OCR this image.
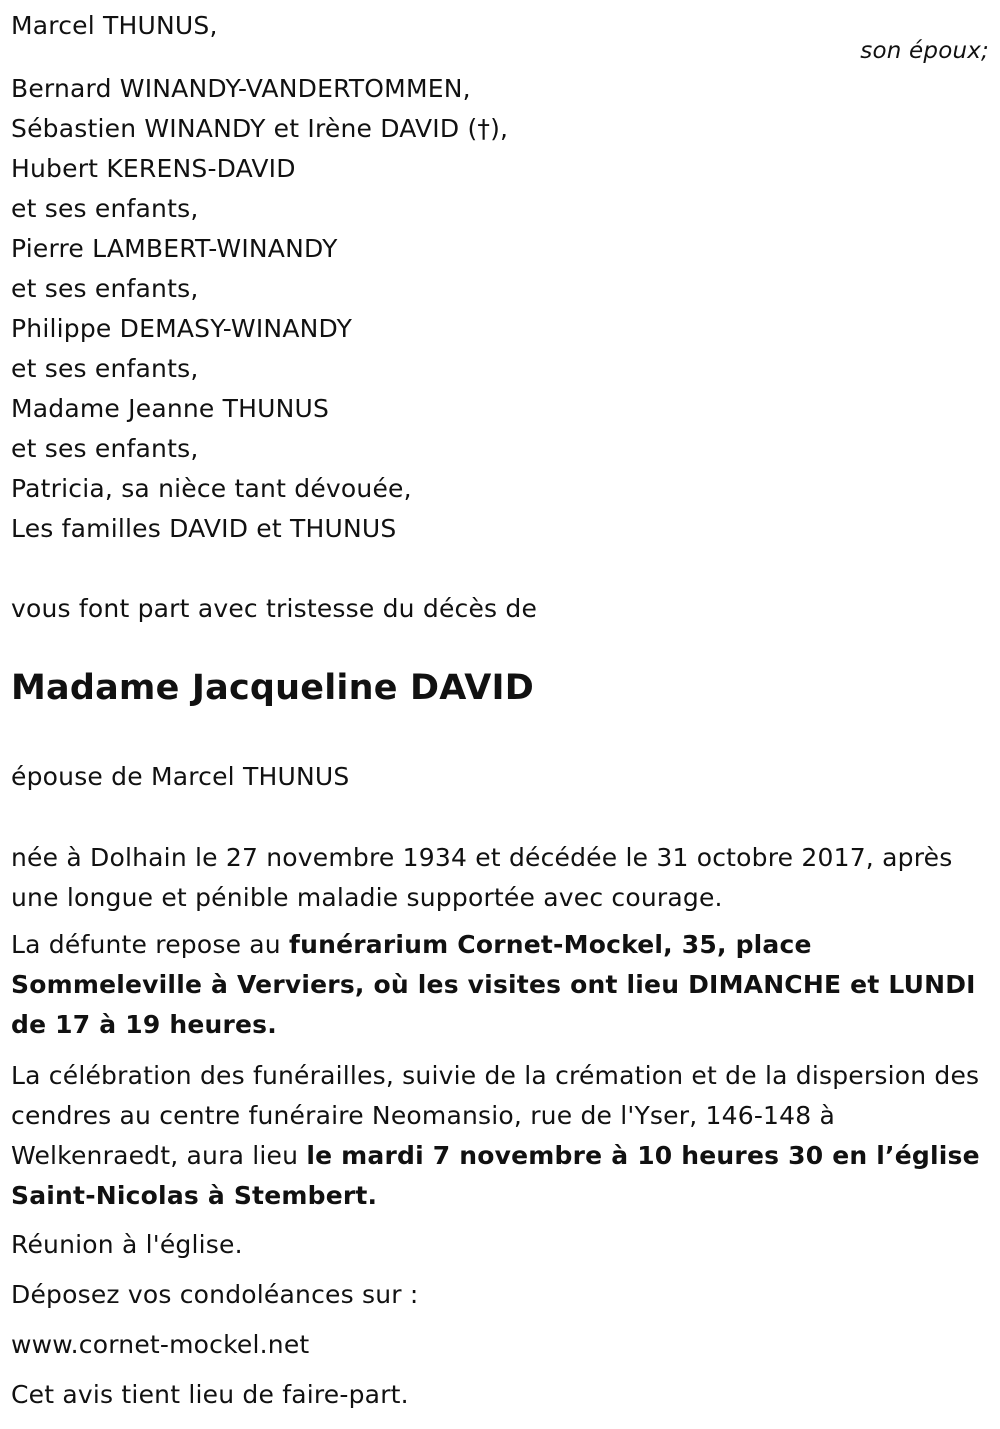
Marcel THUNUS,
son époux;
Bernard WINANDY-VANDERTOMMEN,
Sébastien WINANDY et Irène DAVID (†),
Hubert KERENS-DAVID
et ses enfants,
Pierre LAMBERT-WINANDY
et ses enfants,
Philippe DEMASY-WINANDY
et ses enfants,
Madame Jeanne THUNUS
et ses enfants,
Patricia, sa nièce tant dévouée,
Les familles DAVID et THUNUS
vous font part avec tristesse du décès de
Madame Jacqueline DAVID
épouse de Marcel THUNUS
née à Dolhain le 27 novembre 1934 et décédée le 31 octobre 2017, après une longue et pénible maladie supportée avec courage.
La défunte repose au funérarium Cornet-Mockel, 35, place Sommeleville à Verviers, où les visites ont lieu DIMANCHE et LUNDI de 17 à 19 heures.
La célébration des funérailles, suivie de la crémation et de la dispersion des cendres au centre funéraire Neomansio, rue de l'Yser, 146-148 à Welkenraedt, aura lieu le mardi 7 novembre à 10 heures 30 en l’église Saint-Nicolas à Stembert.
Réunion à l'église.
Déposez vos condoléances sur :
www.cornet-mockel.net
Cet avis tient lieu de faire-part.
